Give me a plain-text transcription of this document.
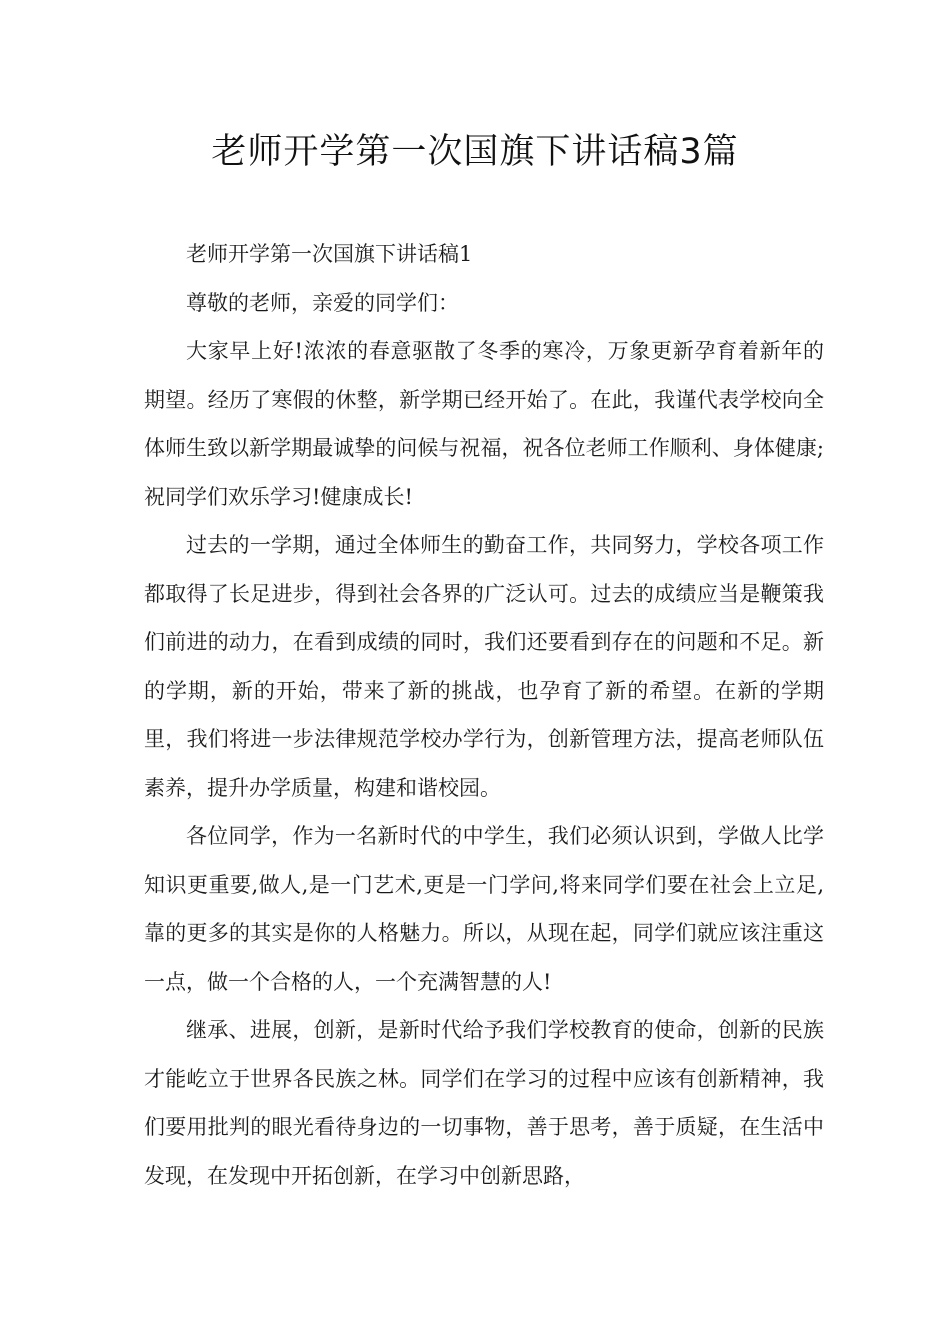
老师开学第一次国旗下讲话稿3篇

老师开学第一次国旗下讲话稿1

尊敬的老师，亲爱的同学们：

大家早上好!浓浓的春意驱散了冬季的寒冷，万象更新孕育着新年的期望。经历了寒假的休整，新学期已经开始了。在此，我谨代表学校向全体师生致以新学期最诚挚的问候与祝福，祝各位老师工作顺利、身体健康;祝同学们欢乐学习!健康成长!

过去的一学期，通过全体师生的勤奋工作，共同努力，学校各项工作都取得了长足进步，得到社会各界的广泛认可。过去的成绩应当是鞭策我们前进的动力，在看到成绩的同时，我们还要看到存在的问题和不足。新的学期，新的开始，带来了新的挑战，也孕育了新的希望。在新的学期里，我们将进一步法律规范学校办学行为，创新管理方法，提高老师队伍素养，提升办学质量，构建和谐校园。

各位同学，作为一名新时代的中学生，我们必须认识到，学做人比学知识更重要,做人,是一门艺术,更是一门学问,将来同学们要在社会上立足,靠的更多的其实是你的人格魅力。所以，从现在起，同学们就应该注重这一点，做一个合格的人，一个充满智慧的人!

继承、进展，创新，是新时代给予我们学校教育的使命，创新的民族才能屹立于世界各民族之林。同学们在学习的过程中应该有创新精神，我们要用批判的眼光看待身边的一切事物，善于思考，善于质疑，在生活中发现，在发现中开拓创新，在学习中创新思路，
